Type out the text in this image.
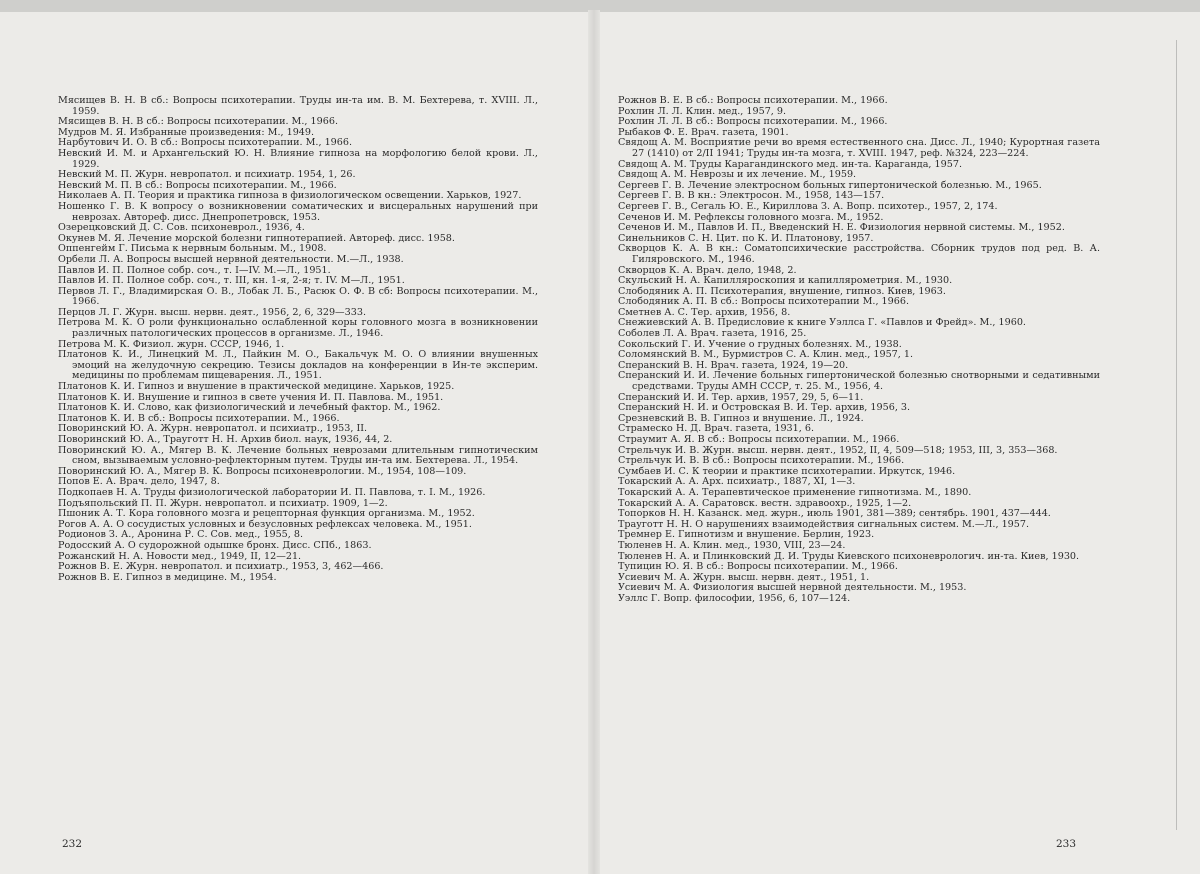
Мясищев В. Н. В сб.: Вопросы психотерапии. Труды ин-та им. В. М. Бехтерева, т. XVIII. Л., 1959.
Мясищев В. Н. В сб.: Вопросы психотерапии. М., 1966.
Мудров М. Я. Избранные произведения: М., 1949.
Нарбутович И. О. В сб.: Вопросы психотерапии. М., 1966.
Невский И. М. и Архангельский Ю. Н. Влияние гипноза на морфологию белой крови. Л., 1929.
Невский М. П. Журн. невропатол. и психиатр. 1954, 1, 26.
Невский М. П. В сб.: Вопросы психотерапии. М., 1966.
Николаев А. П. Теория и практика гипноза в физиологическом освещении. Харьков, 1927.
Ношенко Г. В. К вопросу о возникновении соматических и висцеральных нарушений при неврозах. Автореф. дисс. Днепропетровск, 1953.
Озерецковский Д. С. Сов. психоневрол., 1936, 4.
Окунев М. Я. Лечение морской болезни гипнотерапией. Автореф. дисс. 1958.
Оппенгейм Г. Письма к нервным больным. М., 1908.
Орбели Л. А. Вопросы высшей нервной деятельности. М.—Л., 1938.
Павлов И. П. Полное собр. соч., т. I—IV. М.—Л., 1951.
Павлов И. П. Полное собр. соч., т. III, кн. 1-я, 2-я; т. IV. М—Л., 1951.
Первов Л. Г., Владимирская О. В., Лобак Л. Б., Расюк О. Ф. В сб: Вопросы психотерапии. М., 1966.
Перцов Л. Г. Журн. высш. нервн. деят., 1956, 2, 6, 329—333.
Петрова М. К. О роли функционально ослабленной коры головного мозга в возникновении различных патологических процессов в организме. Л., 1946.
Петрова М. К. Физиол. журн. СССР, 1946, 1.
Платонов К. И., Линецкий М. Л., Пайкин М. О., Бакальчук М. О. О влиянии внушенных эмоций на желудочную секрецию. Тезисы докладов на конференции в Ин-те эксперим. медицины по проблемам пищеварения. Л., 1951.
Платонов К. И. Гипноз и внушение в практической медицине. Харьков, 1925.
Платонов К. И. Внушение и гипноз в свете учения И. П. Павлова. М., 1951.
Платонов К. И. Слово, как физиологический и лечебный фактор. М., 1962.
Платонов К. И. В сб.: Вопросы психотерапии. М., 1966.
Поворинский Ю. А. Журн. невропатол. и психиатр., 1953, II.
Поворинский Ю. А., Трауготт Н. Н. Архив биол. наук, 1936, 44, 2.
Поворинский Ю. А., Мягер В. К. Лечение больных неврозами длительным гипнотическим сном, вызываемым условно-рефлекторным путем. Труды ин-та им. Бехтерева. Л., 1954.
Поворинский Ю. А., Мягер В. К. Вопросы психоневрологии. М., 1954, 108—109.
Попов Е. А. Врач. дело, 1947, 8.
Подкопаев Н. А. Труды физиологической лаборатории И. П. Павлова, т. I. М., 1926.
Подъяпольский П. П. Журн. невропатол. и психиатр. 1909, 1—2.
Пшоник А. Т. Кора головного мозга и рецепторная функция организма. М., 1952.
Рогов А. А. О сосудистых условных и безусловных рефлексах человека. М., 1951.
Родионов З. А., Аронина Р. С. Сов. мед., 1955, 8.
Родосский А. О судорожной одышке бронх. Дисс. СПб., 1863.
Рожанский Н. А. Новости мед., 1949, II, 12—21.
Рожнов В. Е. Журн. невропатол. и психиатр., 1953, 3, 462—466.
Рожнов В. Е. Гипноз в медицине. М., 1954.
Рожнов В. Е. В сб.: Вопросы психотерапии. М., 1966.
Рохлин Л. Л. Клин. мед., 1957, 9.
Рохлин Л. Л. В сб.: Вопросы психотерапии. М., 1966.
Рыбаков Ф. Е. Врач. газета, 1901.
Свядощ А. М. Восприятие речи во время естественного сна. Дисс. Л., 1940; Курортная газета 27 (1410) от 2/II 1941; Труды ин-та мозга, т. XVIII. 1947, реф. №324, 223—224.
Свядощ А. М. Труды Карагандинского мед. ин-та. Караганда, 1957.
Свядощ А. М. Неврозы и их лечение. М., 1959.
Сергеев Г. В. Лечение электросном больных гипертонической болезнью. М., 1965.
Сергеев Г. В. В кн.: Электросон. М., 1958, 143—157.
Сергеев Г. В., Сегаль Ю. Е., Кириллова З. А. Вопр. психотер., 1957, 2, 174.
Сеченов И. М. Рефлексы головного мозга. М., 1952.
Сеченов И. М., Павлов И. П., Введенский Н. Е. Физиология нервной системы. М., 1952.
Синельников С. Н. Цит. по К. И. Платонову, 1957.
Скворцов К. А. В кн.: Соматопсихические расстройства. Сборник трудов под ред. В. А. Гиляровского. М., 1946.
Скворцов К. А. Врач. дело, 1948, 2.
Скульский Н. А. Капилляроскопия и капиллярометрия. М., 1930.
Слободяник А. П. Психотерапия, внушение, гипноз. Киев, 1963.
Слободяник А. П. В сб.: Вопросы психотерапии М., 1966.
Сметнев А. С. Тер. архив, 1956, 8.
Снежиевский А. В. Предисловие к книге Уэллса Г. «Павлов и Фрейд». М., 1960.
Соболев Л. А. Врач. газета, 1916, 25.
Сокольский Г. И. Учение о грудных болезнях. М., 1938.
Соломянский В. М., Бурмистров С. А. Клин. мед., 1957, 1.
Сперанский В. Н. Врач. газета, 1924, 19—20.
Сперанский И. И. Лечение больных гипертонической болезнью снотворными и седативными средствами. Труды АМН СССР, т. 25. М., 1956, 4.
Сперанский И. И. Тер. архив, 1957, 29, 5, 6—11.
Сперанский Н. И. и Островская В. И. Тер. архив, 1956, 3.
Срезневский В. В. Гипноз и внушение. Л., 1924.
Страмеско Н. Д. Врач. газета, 1931, 6.
Страумит А. Я. В сб.: Вопросы психотерапии. М., 1966.
Стрельчук И. В. Журн. высш. нервн. деят., 1952, II, 4, 509—518; 1953, III, 3, 353—368.
Стрельчук И. В. В сб.: Вопросы психотерапии. М., 1966.
Сумбаев И. С. К теории и практике психотерапии. Иркутск, 1946.
Токарский А. А. Арх. психиатр., 1887, XI, 1—3.
Токарский А. А. Терапевтическое применение гипнотизма. М., 1890.
Токарский А. А. Саратовск. вестн. здравоохр., 1925, 1—2.
Топорков Н. Н. Казанск. мед. журн., июль 1901, 381—389; сентябрь. 1901, 437—444.
Трауготт Н. Н. О нарушениях взаимодействия сигнальных систем. М.—Л., 1957.
Тремнер Е. Гипнотизм и внушение. Берлин, 1923.
Тюленев Н. А. Клин. мед., 1930, VIII, 23—24.
Тюленев Н. А. и Плинковский Д. И. Труды Киевского психоневрологич. ин-та. Киев, 1930.
Тупицин Ю. Я. В сб.: Вопросы психотерапии. М., 1966.
Усиевич М. А. Журн. высш. нервн. деят., 1951, 1.
Усиевич М. А. Физиология высшей нервной деятельности. М., 1953.
Уэллс Г. Вопр. философии, 1956, 6, 107—124.
232	233
